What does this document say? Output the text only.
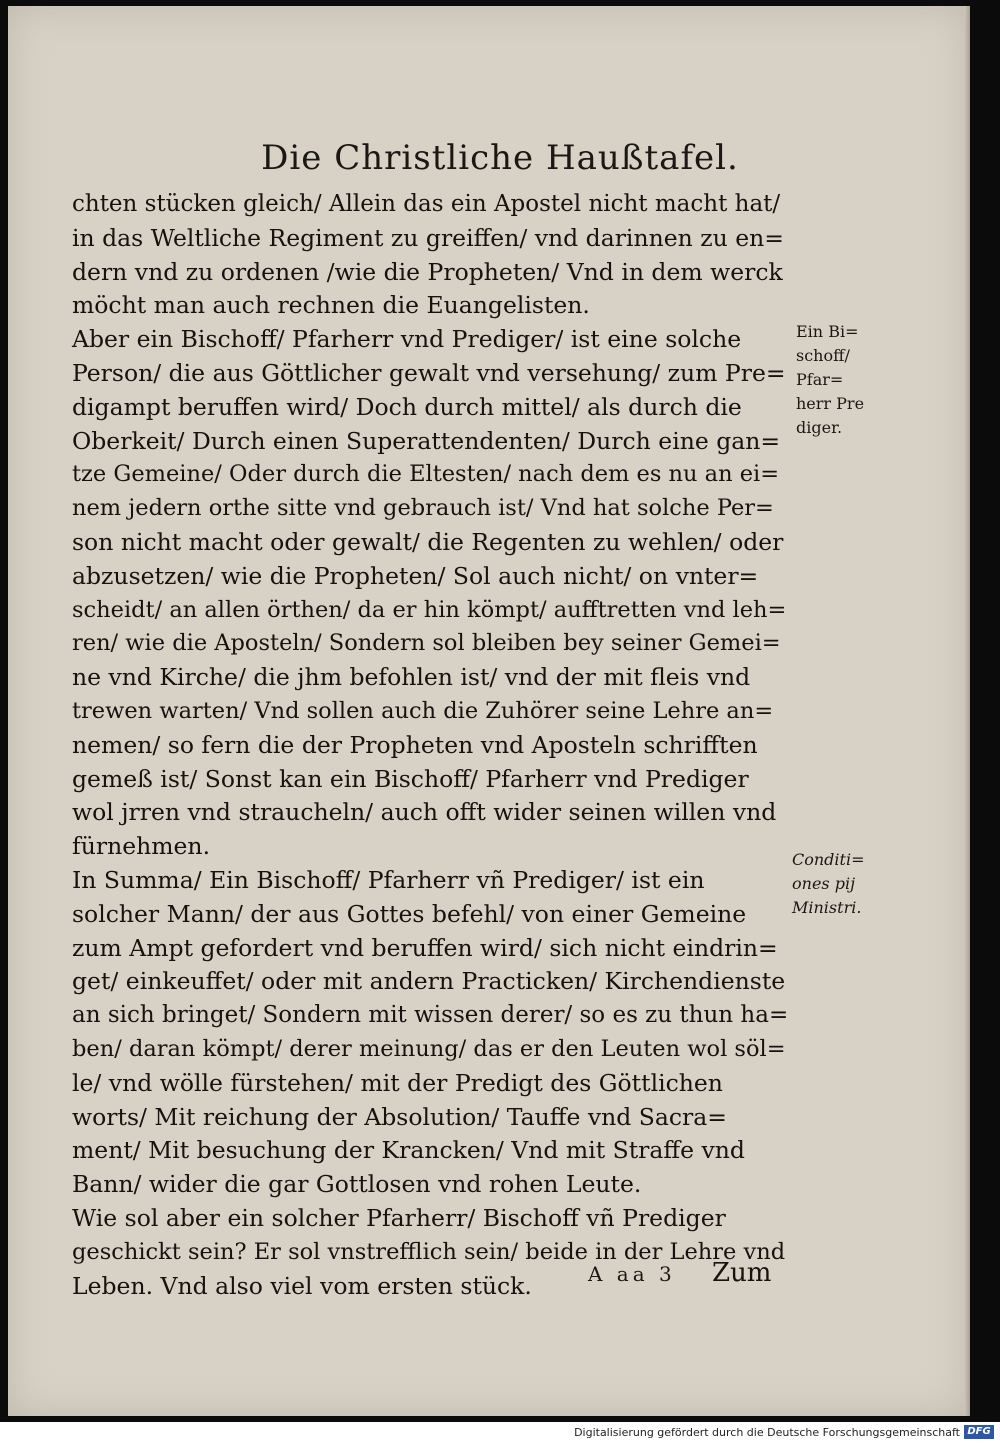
Die Christliche Haußtafel.
chten stücken gleich/ Allein das ein Apostel nicht macht hat/
in das Weltliche Regiment zu greiffen/ vnd darinnen zu en=
dern vnd zu ordenen /wie die Propheten/ Vnd in dem werck
möcht man auch rechnen die Euangelisten.
Aber ein Bischoff/ Pfarherr vnd Prediger/ ist eine solche
Person/ die aus Göttlicher gewalt vnd versehung/ zum Pre=
digampt beruffen wird/ Doch durch mittel/ als durch die
Oberkeit/ Durch einen Superattendenten/ Durch eine gan=
tze Gemeine/ Oder durch die Eltesten/ nach dem es nu an ei=
nem jedern orthe sitte vnd gebrauch ist/ Vnd hat solche Per=
son nicht macht oder gewalt/ die Regenten zu wehlen/ oder
abzusetzen/ wie die Propheten/ Sol auch nicht/ on vnter=
scheidt/ an allen örthen/ da er hin kömpt/ aufftretten vnd leh=
ren/ wie die Aposteln/ Sondern sol bleiben bey seiner Gemei=
ne vnd Kirche/ die jhm befohlen ist/ vnd der mit fleis vnd
trewen warten/ Vnd sollen auch die Zuhörer seine Lehre an=
nemen/ so fern die der Propheten vnd Aposteln schrifften
gemeß ist/ Sonst kan ein Bischoff/ Pfarherr vnd Prediger
wol jrren vnd straucheln/ auch offt wider seinen willen vnd
fürnehmen.
In Summa/ Ein Bischoff/ Pfarherr vñ Prediger/ ist ein
solcher Mann/ der aus Gottes befehl/ von einer Gemeine
zum Ampt gefordert vnd beruffen wird/ sich nicht eindrin=
get/ einkeuffet/ oder mit andern Practicken/ Kirchendienste
an sich bringet/ Sondern mit wissen derer/ so es zu thun ha=
ben/ daran kömpt/ derer meinung/ das er den Leuten wol söl=
le/ vnd wölle fürstehen/ mit der Predigt des Göttlichen
worts/ Mit reichung der Absolution/ Tauffe vnd Sacra=
ment/ Mit besuchung der Krancken/ Vnd mit Straffe vnd
Bann/ wider die gar Gottlosen vnd rohen Leute.
Wie sol aber ein solcher Pfarherr/ Bischoff vñ Prediger
geschickt sein? Er sol vnstrefflich sein/ beide in der Lehre vnd
Leben. Vnd also viel vom ersten stück.
Ein Bi=
schoff/
Pfar=
herr Pre
diger.
Conditi=
ones pij
Ministri.
A aa 3 Zum
Digitalisierung gefördert durch die Deutsche Forschungsgemeinschaft DFG
